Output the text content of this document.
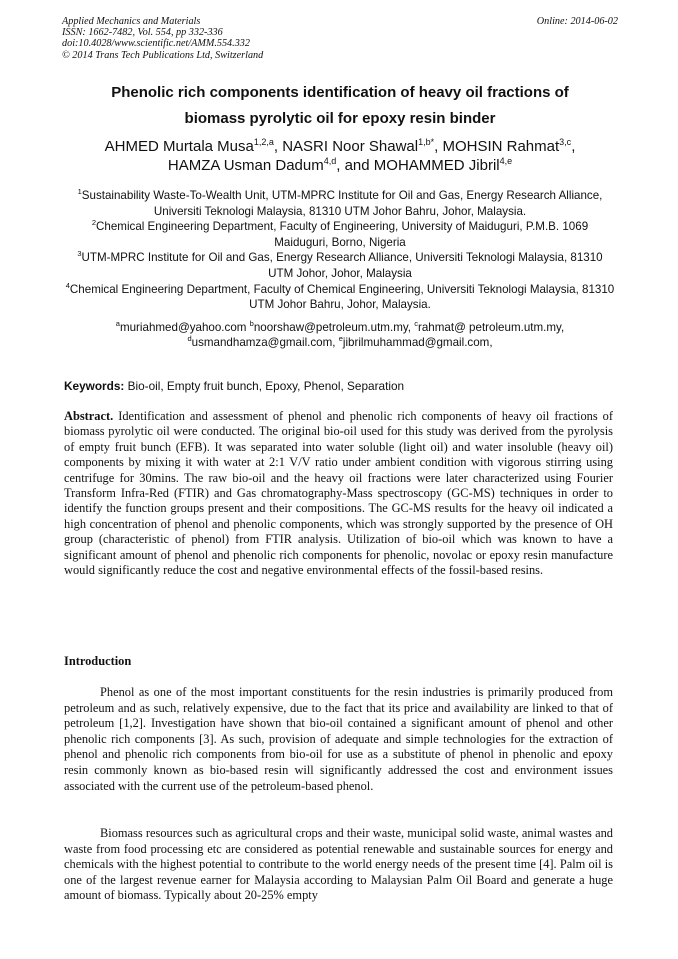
Applied Mechanics and Materials
ISSN: 1662-7482, Vol. 554, pp 332-336
doi:10.4028/www.scientific.net/AMM.554.332
© 2014 Trans Tech Publications Ltd, Switzerland
Online: 2014-06-02
Phenolic rich components identification of heavy oil fractions of
biomass pyrolytic oil for epoxy resin binder
AHMED Murtala Musa$^{1,2,a}$, NASRI Noor Shawal$^{1,b*}$, MOHSIN Rahmat$^{3,c}$,
HAMZA Usman Dadum$^{4,d}$, and MOHAMMED Jibril$^{4,e}$
$^1$Sustainability Waste-To-Wealth Unit, UTM-MPRC Institute for Oil and Gas, Energy Research Alliance, Universiti Teknologi Malaysia, 81310 UTM Johor Bahru, Johor, Malaysia.
$^2$Chemical Engineering Department, Faculty of Engineering, University of Maiduguri, P.M.B. 1069 Maiduguri, Borno, Nigeria
$^3$UTM-MPRC Institute for Oil and Gas, Energy Research Alliance, Universiti Teknologi Malaysia, 81310 UTM Johor, Johor, Malaysia
$^4$Chemical Engineering Department, Faculty of Chemical Engineering, Universiti Teknologi Malaysia, 81310 UTM Johor Bahru, Johor, Malaysia.
$^a$muriahmed@yahoo.com $^b$noorshaw@petroleum.utm.my, $^c$rahmat@ petroleum.utm.my,
$^d$usmandhamza@gmail.com, $^e$jibrilmuhammad@gmail.com,
Keywords: Bio-oil, Empty fruit bunch, Epoxy, Phenol, Separation
Abstract. Identification and assessment of phenol and phenolic rich components of heavy oil fractions of biomass pyrolytic oil were conducted. The original bio-oil used for this study was derived from the pyrolysis of empty fruit bunch (EFB). It was separated into water soluble (light oil) and water insoluble (heavy oil) components by mixing it with water at 2:1 V/V ratio under ambient condition with vigorous stirring using centrifuge for 30mins. The raw bio-oil and the heavy oil fractions were later characterized using Fourier Transform Infra-Red (FTIR) and Gas chromatography-Mass spectroscopy (GC-MS) techniques in order to identify the function groups present and their compositions. The GC-MS results for the heavy oil indicated a high concentration of phenol and phenolic components, which was strongly supported by the presence of OH group (characteristic of phenol) from FTIR analysis. Utilization of bio-oil which was known to have a significant amount of phenol and phenolic rich components for phenolic, novolac or epoxy resin manufacture would significantly reduce the cost and negative environmental effects of the fossil-based resins.
Introduction
Phenol as one of the most important constituents for the resin industries is primarily produced from petroleum and as such, relatively expensive, due to the fact that its price and availability are linked to that of petroleum [1,2]. Investigation have shown that bio-oil contained a significant amount of phenol and other phenolic rich components [3]. As such, provision of adequate and simple technologies for the extraction of phenol and phenolic rich components from bio-oil for use as a substitute of phenol in phenolic and epoxy resin commonly known as bio-based resin will significantly addressed the cost and environment issues associated with the current use of the petroleum-based phenol.
Biomass resources such as agricultural crops and their waste, municipal solid waste, animal wastes and waste from food processing etc are considered as potential renewable and sustainable sources for energy and chemicals with the highest potential to contribute to the world energy needs of the present time [4]. Palm oil is one of the largest revenue earner for Malaysia according to Malaysian Palm Oil Board and generate a huge amount of biomass. Typically about 20-25% empty
